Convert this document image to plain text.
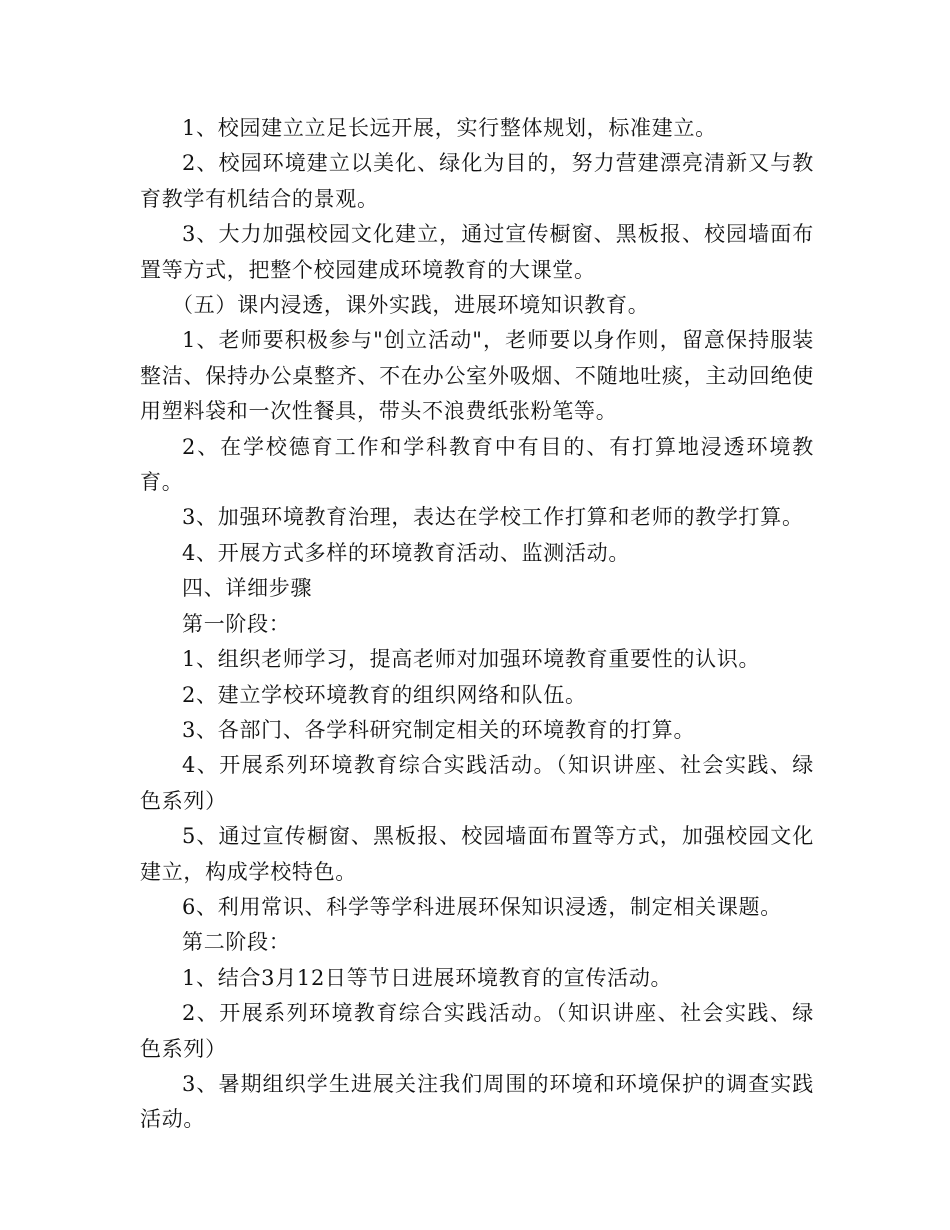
1、校园建立立足长远开展，实行整体规划，标准建立。

2、校园环境建立以美化、绿化为目的，努力营建漂亮清新又与教育教学有机结合的景观。

3、大力加强校园文化建立，通过宣传橱窗、黑板报、校园墙面布置等方式，把整个校园建成环境教育的大课堂。

（五）课内浸透，课外实践，进展环境知识教育。

1、老师要积极参与"创立活动"，老师要以身作则，留意保持服装整洁、保持办公桌整齐、不在办公室外吸烟、不随地吐痰，主动回绝使用塑料袋和一次性餐具，带头不浪费纸张粉笔等。

2、在学校德育工作和学科教育中有目的、有打算地浸透环境教育。

3、加强环境教育治理，表达在学校工作打算和老师的教学打算。

4、开展方式多样的环境教育活动、监测活动。

四、详细步骤

第一阶段：

1、组织老师学习，提高老师对加强环境教育重要性的认识。

2、建立学校环境教育的组织网络和队伍。

3、各部门、各学科研究制定相关的环境教育的打算。

4、开展系列环境教育综合实践活动。（知识讲座、社会实践、绿色系列）

5、通过宣传橱窗、黑板报、校园墙面布置等方式，加强校园文化建立，构成学校特色。

6、利用常识、科学等学科进展环保知识浸透，制定相关课题。

第二阶段：

1、结合3月12日等节日进展环境教育的宣传活动。

2、开展系列环境教育综合实践活动。（知识讲座、社会实践、绿色系列）

3、暑期组织学生进展关注我们周围的环境和环境保护的调查实践活动。
